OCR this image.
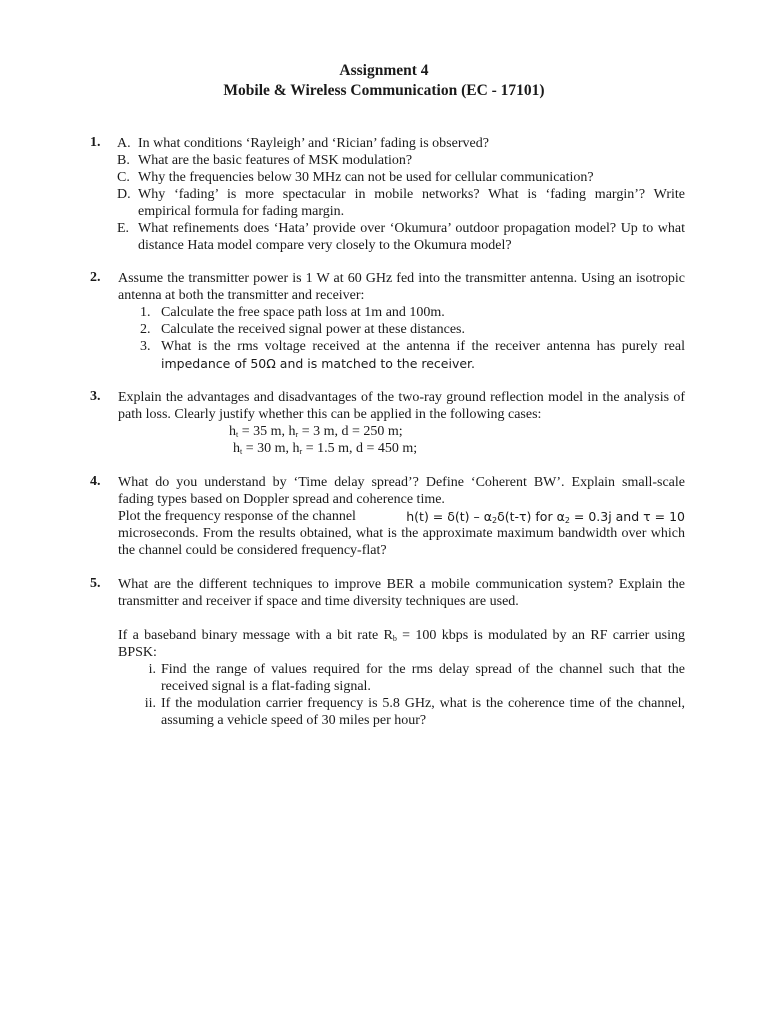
Assignment 4
Mobile & Wireless Communication (EC - 17101)
1. A. In what conditions ‘Rayleigh’ and ‘Rician’ fading is observed?
B. What are the basic features of MSK modulation?
C. Why the frequencies below 30 MHz can not be used for cellular communication?
D. Why ‘fading’ is more spectacular in mobile networks? What is ‘fading margin’? Write
empirical formula for fading margin.
E. What refinements does ‘Hata’ provide over ‘Okumura’ outdoor propagation model? Up to what
distance Hata model compare very closely to the Okumura model?
2. Assume the transmitter power is 1 W at 60 GHz fed into the transmitter antenna. Using an isotropic
antenna at both the transmitter and receiver:
1. Calculate the free space path loss at 1m and 100m.
2. Calculate the received signal power at these distances.
3. What is the rms voltage received at the antenna if the receiver antenna has purely real
impedance of 50Ω and is matched to the receiver.
3. Explain the advantages and disadvantages of the two-ray ground reflection model in the analysis of
path loss. Clearly justify whether this can be applied in the following cases:
$h_t = 35$ m, $h_r = 3$ m, d = 250 m;
$h_t = 30$ m, $h_r = 1.5$ m, d = 450 m;
4. What do you understand by ‘Time delay spread’? Define ‘Coherent BW’. Explain small-scale
fading types based on Doppler spread and coherence time.
Plot the frequency response of the channel	$h(t) = \delta(t) - \alpha_2\delta(t-\tau)$ for $\alpha_2 = 0.3j$ and τ = 10
microseconds. From the results obtained, what is the approximate maximum bandwidth over which
the channel could be considered frequency-flat?
5. What are the different techniques to improve BER a mobile communication system? Explain the
transmitter and receiver if space and time diversity techniques are used.
If a baseband binary message with a bit rate $R_b = 100$ kbps is modulated by an RF carrier using
BPSK:
i. Find the range of values required for the rms delay spread of the channel such that the
received signal is a flat-fading signal.
ii. If the modulation carrier frequency is 5.8 GHz, what is the coherence time of the channel,
assuming a vehicle speed of 30 miles per hour?
